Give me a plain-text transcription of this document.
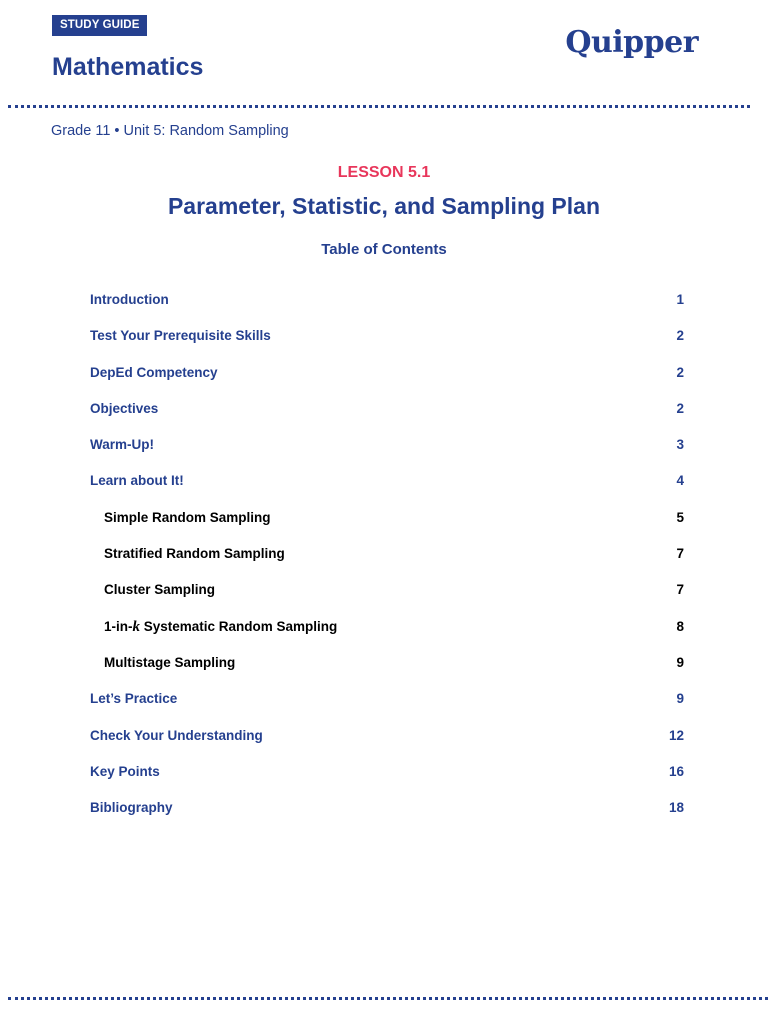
STUDY GUIDE
Mathematics
Quipper
Grade 11 • Unit 5: Random Sampling
LESSON 5.1
Parameter, Statistic, and Sampling Plan
Table of Contents
Introduction	1
Test Your Prerequisite Skills	2
DepEd Competency	2
Objectives	2
Warm-Up!	3
Learn about It!	4
Simple Random Sampling	5
Stratified Random Sampling	7
Cluster Sampling	7
1-in-k Systematic Random Sampling	8
Multistage Sampling	9
Let’s Practice	9
Check Your Understanding	12
Key Points	16
Bibliography	18
